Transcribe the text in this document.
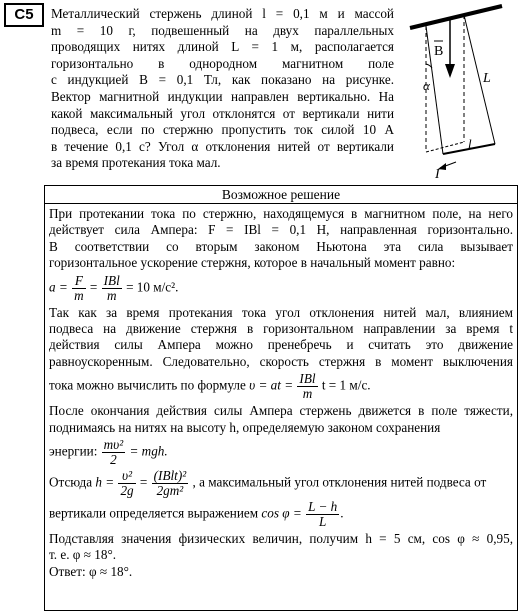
С5	Металлический стержень длиной l = 0,1 м и массой
m = 10 г, подвешенный на двух параллельных
проводящих нитях длиной L = 1 м, располагается
горизонтально в однородном магнитном поле
с индукцией B = 0,1 Тл, как показано на рисунке.
Вектор магнитной индукции направлен вертикально. На
какой максимальный угол отклонятся от вертикали нити
подвеса, если по стержню пропустить ток силой 10 А
в течение 0,1 с? Угол α отклонения нитей от вертикали
за время протекания тока мал.
B
α	L
l
I
Возможное решение
При протекании тока по стержню, находящемуся в магнитном поле, на него
действует сила Ампера: F = IBl = 0,1 Н, направленная горизонтально.
В соответствии со вторым законом Ньютона эта сила вызывает
горизонтальное ускорение стержня, которое в начальный момент равно:
$a = \frac{F}{m} = \frac{\text{IBl}}{m} = 10$ м/с².
Так как за время протекания тока угол отклонения нитей мал, влиянием
подвеса на движение стержня в горизонтальном направлении за время t
действия силы Ампера можно пренебречь и считать это движение
равноускоренным. Следовательно, скорость стержня в момент выключения
тока можно вычислить по формуле υ = at = $\frac{\text{IBl}}{m}$ t = 1 м/с.
После окончания действия силы Ампера стержень движется в поле тяжести,
поднимаясь на нитях на высоту h, определяемую законом сохранения
энергии: $\frac{\text{mυ²}}{2}$ = mgh.
Отсюда $h = \frac{\text{υ²}}{2g} = \frac{\text{(IBlt)²}}{\text{2gm²}}$ , а максимальный угол отклонения нитей подвеса от
вертикали определяется выражением $\cos \varphi = \frac{L - h}{L}$ .
Подставляя значения физических величин, получим h = 5 см, cos φ ≈ 0,95,
т. е. φ ≈ 18°.
Ответ: φ ≈ 18°.
